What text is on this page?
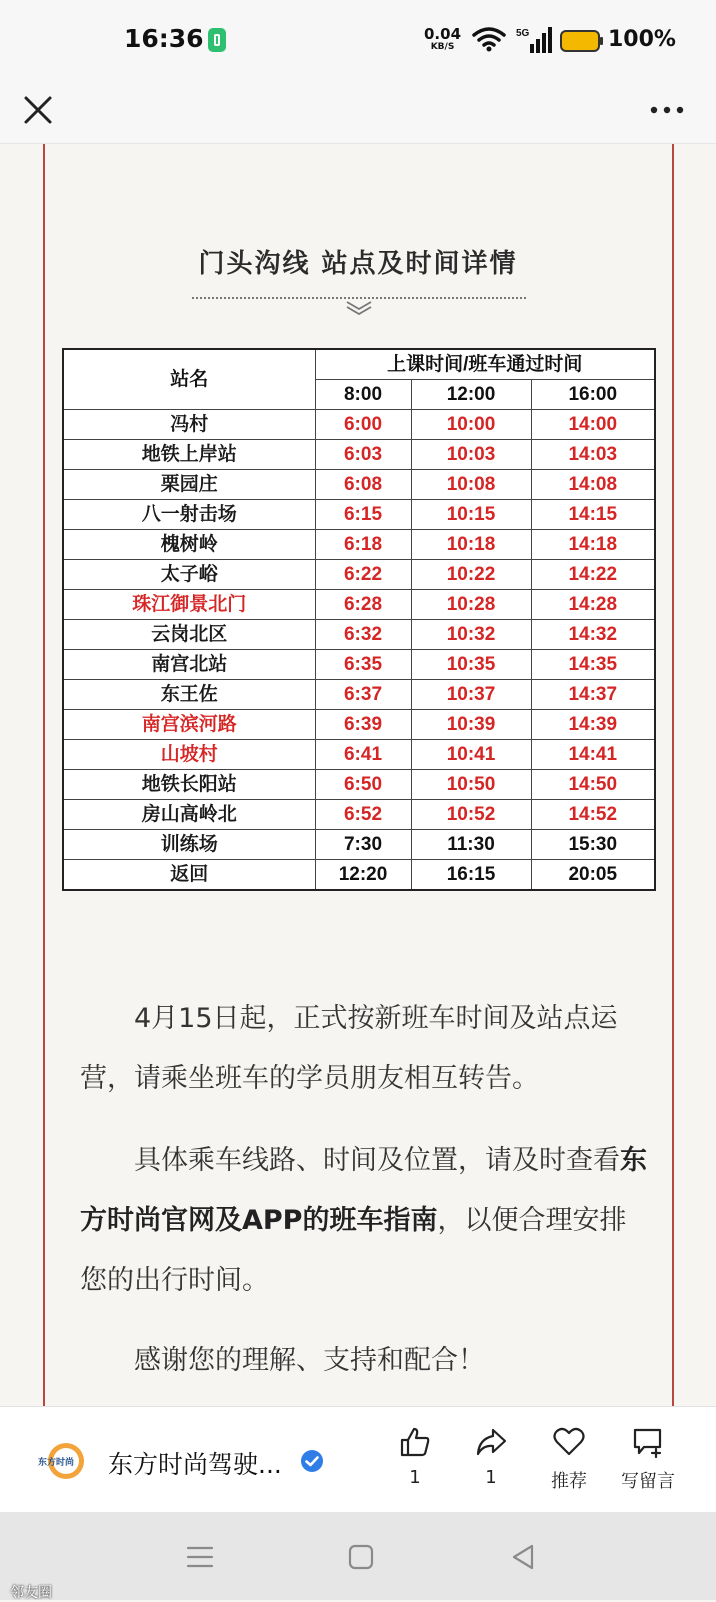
16:36	0.04
KB/S
5G	100%
门头沟线 站点及时间详情
站名	上课时间/班车通过时间		
	8:00	12:00	16:00
冯村	6:00	10:00	14:00
地铁上岸站	6:03	10:03	14:03
栗园庄	6:08	10:08	14:08
八一射击场	6:15	10:15	14:15
槐树岭	6:18	10:18	14:18
太子峪	6:22	10:22	14:22
珠江御景北门	6:28	10:28	14:28
云岗北区	6:32	10:32	14:32
南宫北站	6:35	10:35	14:35
东王佐	6:37	10:37	14:37
南宫滨河路	6:39	10:39	14:39
山坡村	6:41	10:41	14:41
地铁长阳站	6:50	10:50	14:50
房山高岭北	6:52	10:52	14:52
训练场	7:30	11:30	15:30
返回	12:20	16:15	20:05
4月15日起，正式按新班车时间及站点运营，请乘坐班车的学员朋友相互转告。
具体乘车线路、时间及位置，请及时查看东方时尚官网及APP的班车指南，以便合理安排您的出行时间。
感谢您的理解、支持和配合！
东方时尚 东方时尚驾驶...	1	1	推荐	写留言
邻友圈
